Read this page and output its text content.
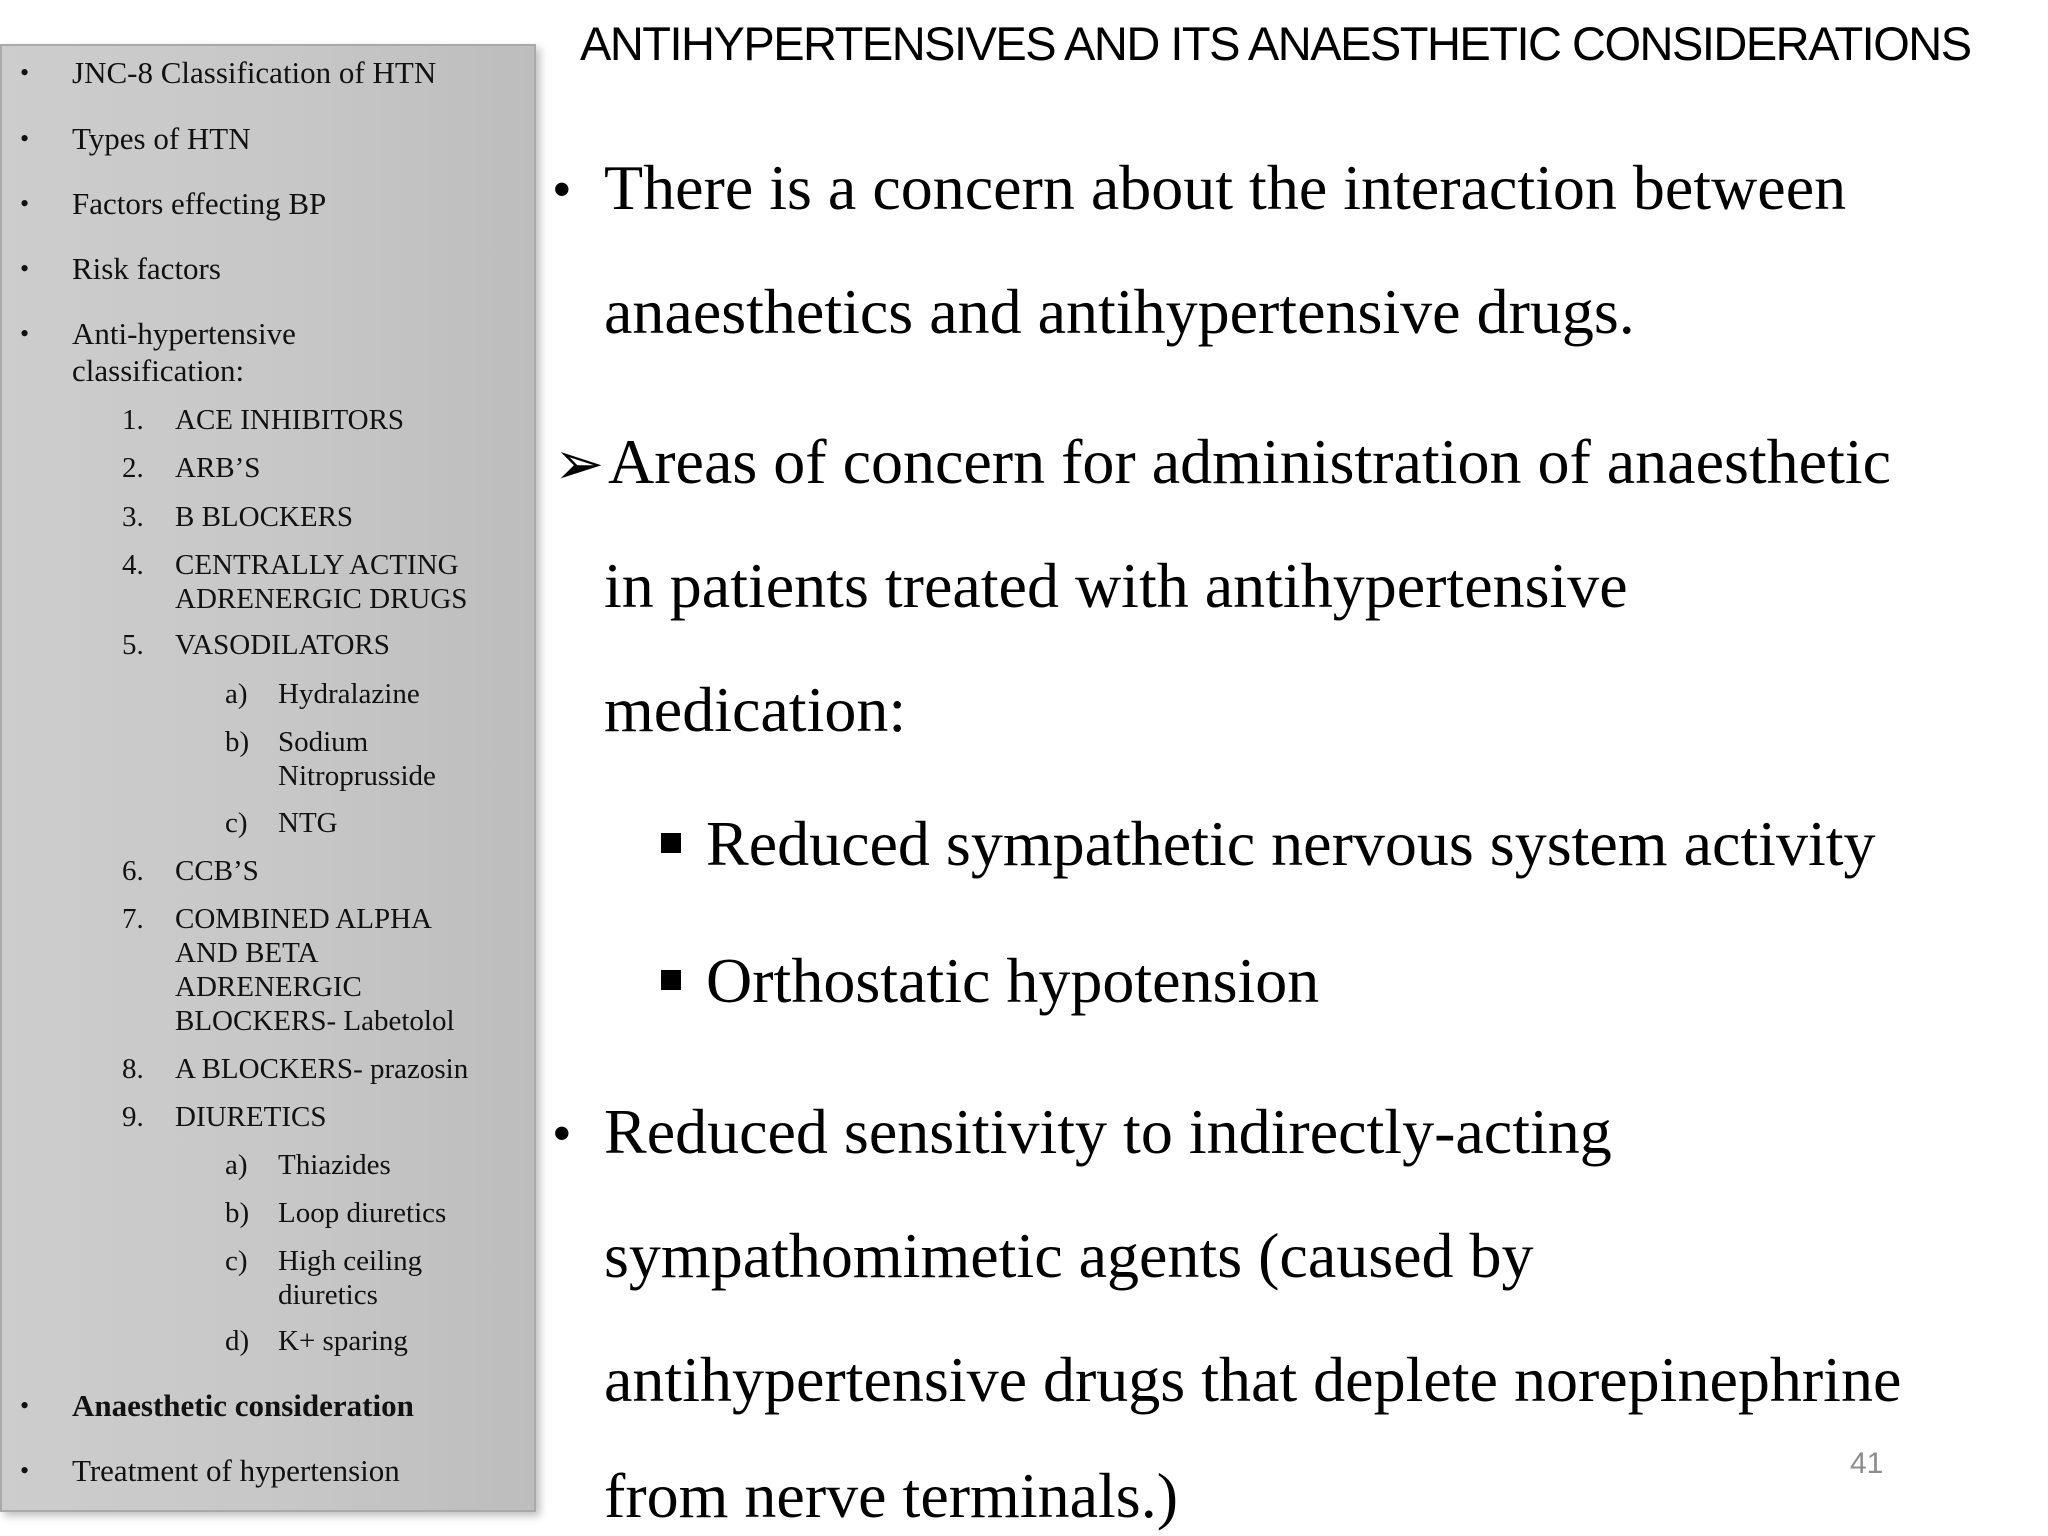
ANTIHYPERTENSIVES AND ITS ANAESTHETIC CONSIDERATIONS
• JNC-8 Classification of HTN
• Types of HTN
• Factors effecting BP
• Risk factors
• Anti-hypertensive
classification:
1. ACE INHIBITORS
2. ARB’S
3. B BLOCKERS
4. CENTRALLY ACTING
ADRENERGIC DRUGS
5. VASODILATORS
a) Hydralazine
b) Sodium
Nitroprusside
c) NTG
6. CCB’S
7. COMBINED ALPHA
AND BETA
ADRENERGIC
BLOCKERS- Labetolol
8. A BLOCKERS- prazosin
9. DIURETICS
a) Thiazides
b) Loop diuretics
c) High ceiling
diuretics
d) K+ sparing
• Anaesthetic consideration
• Treatment of hypertension
• There is a concern about the interaction between
anaesthetics and antihypertensive drugs.
➢ Areas of concern for administration of anaesthetic
in patients treated with antihypertensive
medication:
Reduced sympathetic nervous system activity
Orthostatic hypotension
• Reduced sensitivity to indirectly-acting
sympathomimetic agents (caused by
antihypertensive drugs that deplete norepinephrine
from nerve terminals.)	41
